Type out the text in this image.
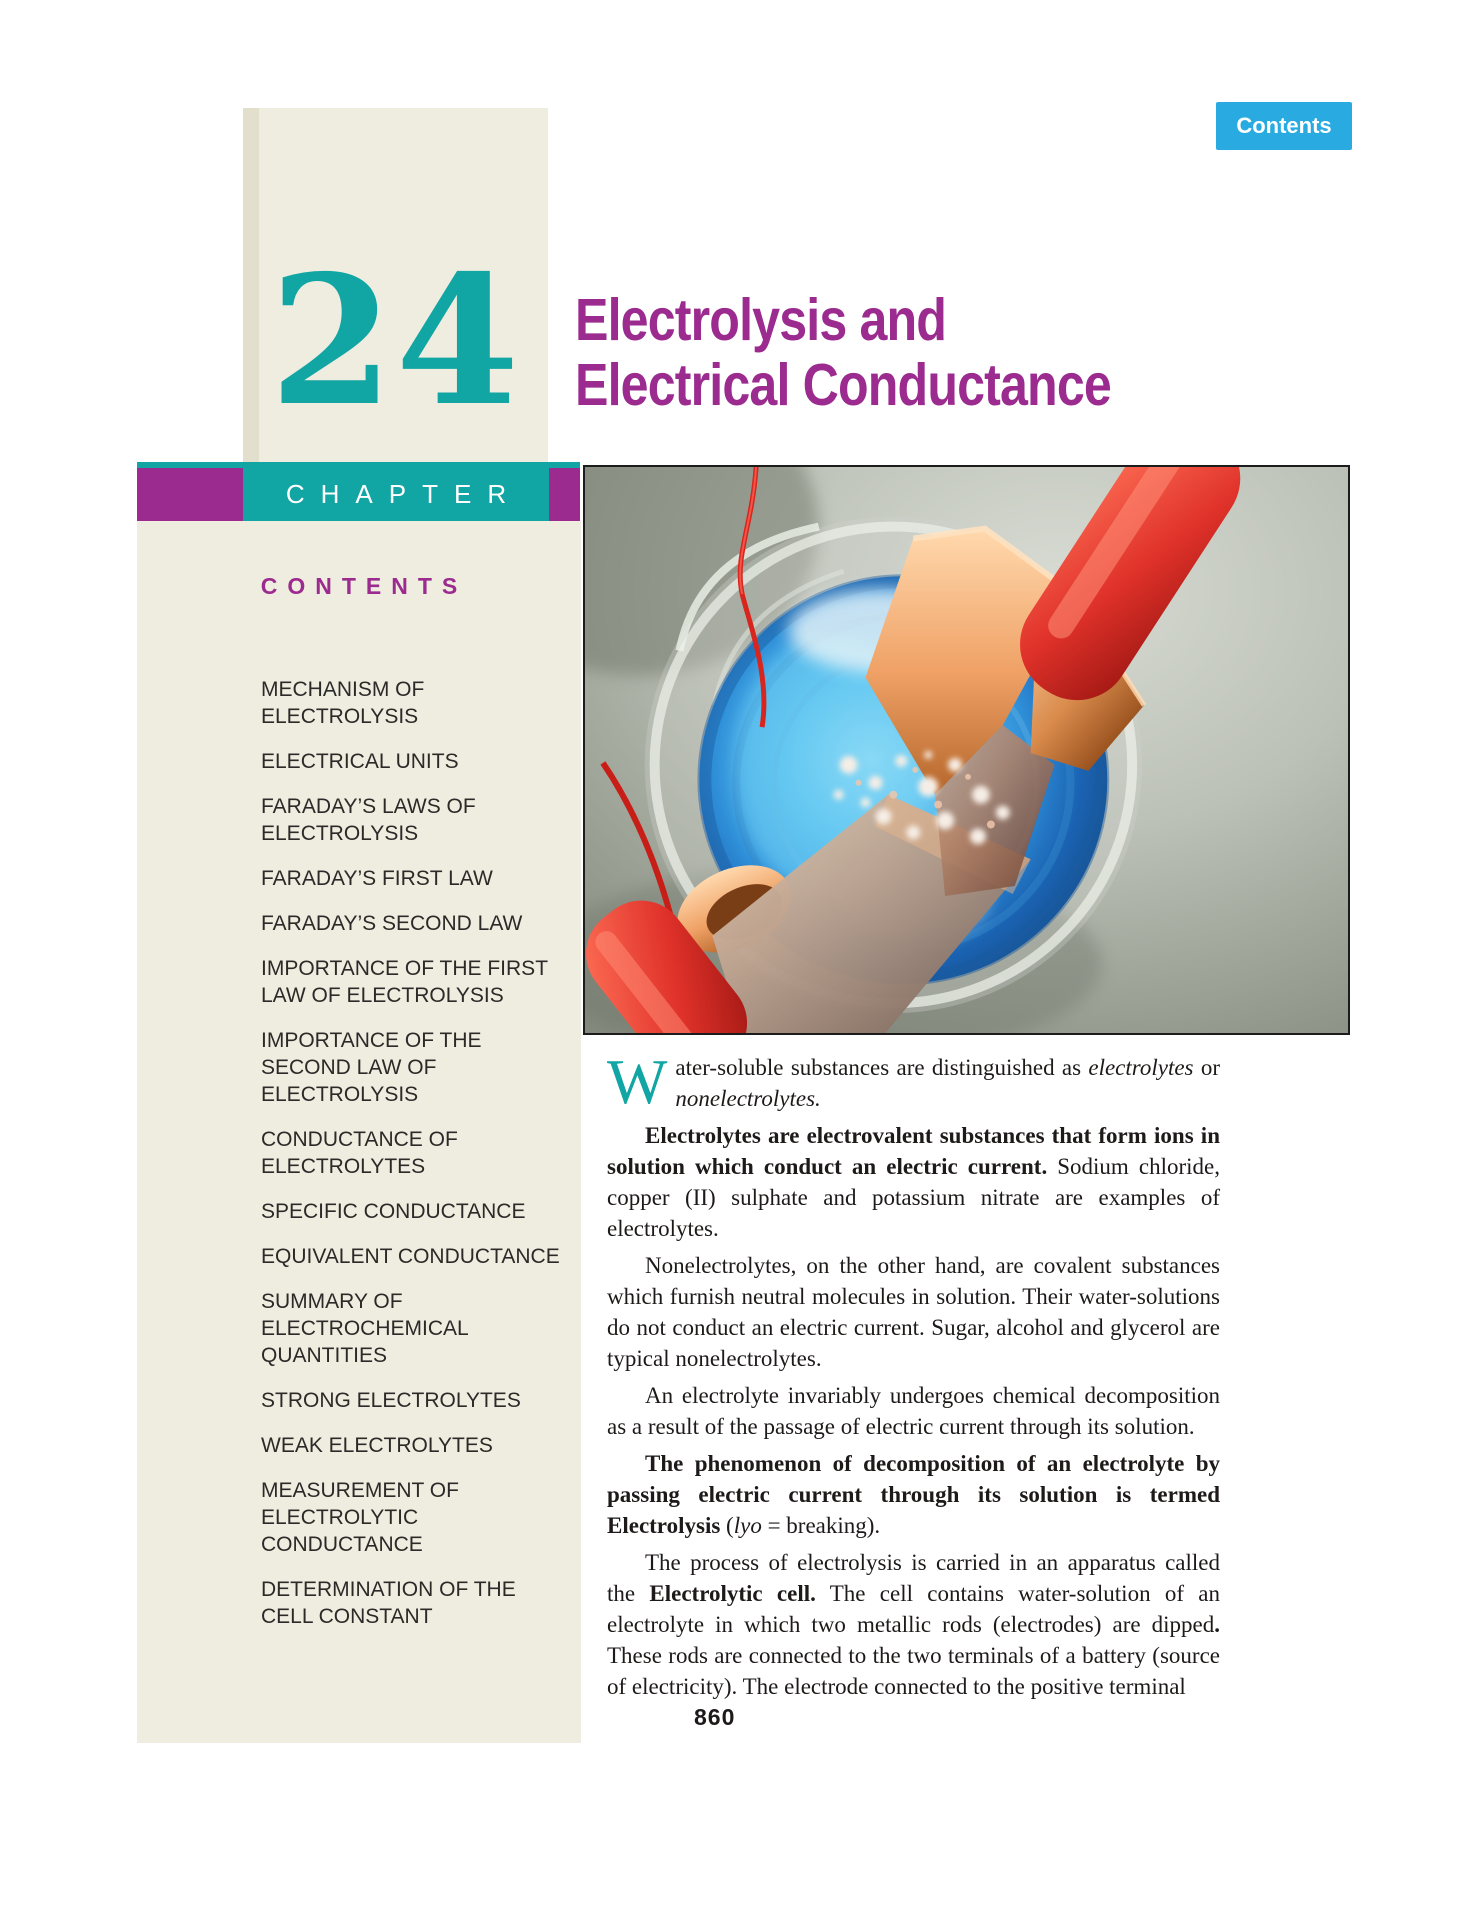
Contents
24
CHAPTER
Electrolysis and
Electrical Conductance
CONTENTS
MECHANISM OF ELECTROLYSIS
ELECTRICAL UNITS
FARADAY’S LAWS OF ELECTROLYSIS
FARADAY’S FIRST LAW
FARADAY’S SECOND LAW
IMPORTANCE OF THE FIRST LAW OF ELECTROLYSIS
IMPORTANCE OF THE SECOND LAW OF ELECTROLYSIS
CONDUCTANCE OF ELECTROLYTES
SPECIFIC CONDUCTANCE
EQUIVALENT CONDUCTANCE
SUMMARY OF ELECTROCHEMICAL QUANTITIES
STRONG ELECTROLYTES
WEAK ELECTROLYTES
MEASUREMENT OF ELECTROLYTIC CONDUCTANCE
DETERMINATION OF THE CELL CONSTANT

Water-soluble substances are distinguished as electrolytes or nonelectrolytes.

Electrolytes are electrovalent substances that form ions in solution which conduct an electric current. Sodium chloride, copper (II) sulphate and potassium nitrate are examples of electrolytes.

Nonelectrolytes, on the other hand, are covalent substances which furnish neutral molecules in solution. Their water-solutions do not conduct an electric current. Sugar, alcohol and glycerol are typical nonelectrolytes.

An electrolyte invariably undergoes chemical decomposition as a result of the passage of electric current through its solution.

The phenomenon of decomposition of an electrolyte by passing electric current through its solution is termed Electrolysis (lyo = breaking).

The process of electrolysis is carried in an apparatus called the Electrolytic cell. The cell contains water-solution of an electrolyte in which two metallic rods (electrodes) are dipped. These rods are connected to the two terminals of a battery (source of electricity). The electrode connected to the positive terminal

860
